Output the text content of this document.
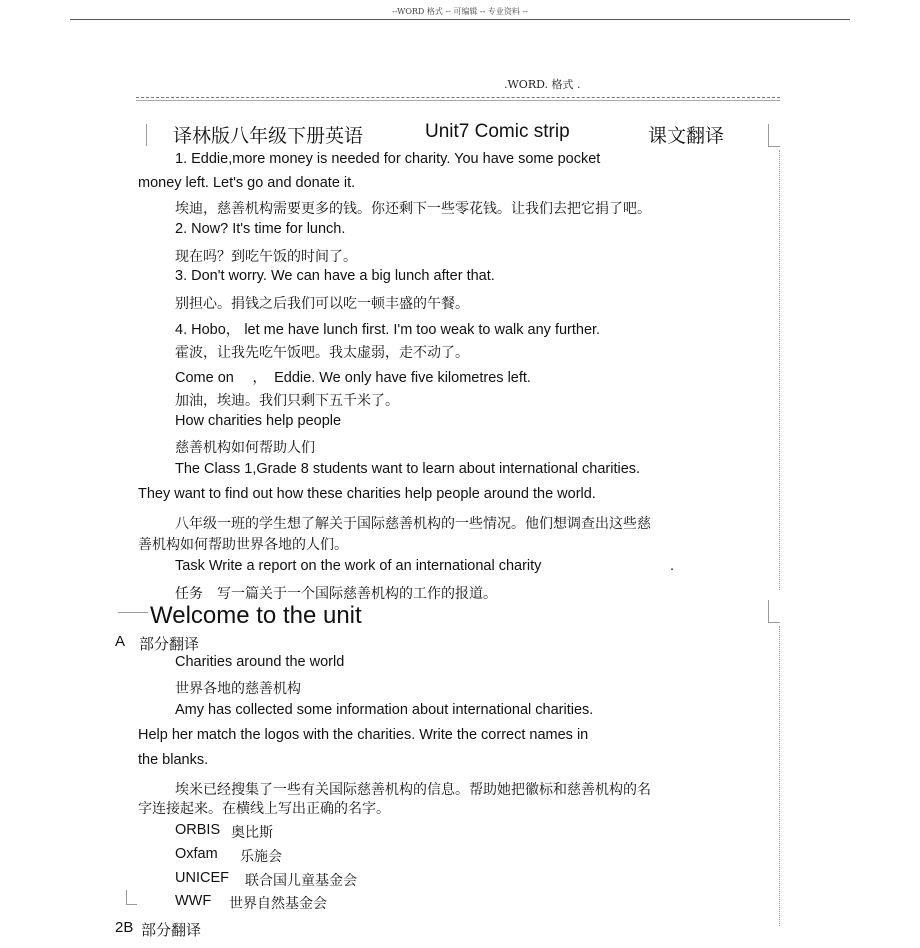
--WORD 格式 -- 可编辑 -- 专业资料 --
.WORD. 格式 .
译林版八年级下册英语	Unit7 Comic strip	课文翻译
1. Eddie,more money is needed for charity. You have some pocket
money left. Let's go and donate it.
埃迪，慈善机构需要更多的钱。你还剩下一些零花钱。让我们去把它捐了吧。
2. Now? It's time for lunch.
现在吗？到吃午饭的时间了。
3. Don't worry. We can have a big lunch after that.
别担心。捐钱之后我们可以吃一顿丰盛的午餐。
4. Hobo， let me have lunch first. I'm too weak to walk any further.
霍波，让我先吃午饭吧。我太虚弱，走不动了。
Come on　 ，　Eddie. We only have five kilometres left.
加油，埃迪。我们只剩下五千米了。
How charities help people
慈善机构如何帮助人们
The Class 1,Grade 8 students want to learn about international charities.
They want to find out how these charities help people around the world.
八年级一班的学生想了解关于国际慈善机构的一些情况。他们想调查出这些慈
善机构如何帮助世界各地的人们。
Task Write a report on the work of an international charity	.
任务　写一篇关于一个国际慈善机构的工作的报道。
Welcome to the unit
A 部分翻译
Charities around the world
世界各地的慈善机构
Amy has collected some information about international charities.
Help her match the logos with the charities. Write the correct names in
the blanks.
埃米已经搜集了一些有关国际慈善机构的信息。帮助她把徽标和慈善机构的名
字连接起来。在横线上写出正确的名字。
ORBIS 奥比斯
Oxfam 乐施会
UNICEF 联合国儿童基金会
WWF 世界自然基金会
2B 部分翻译
